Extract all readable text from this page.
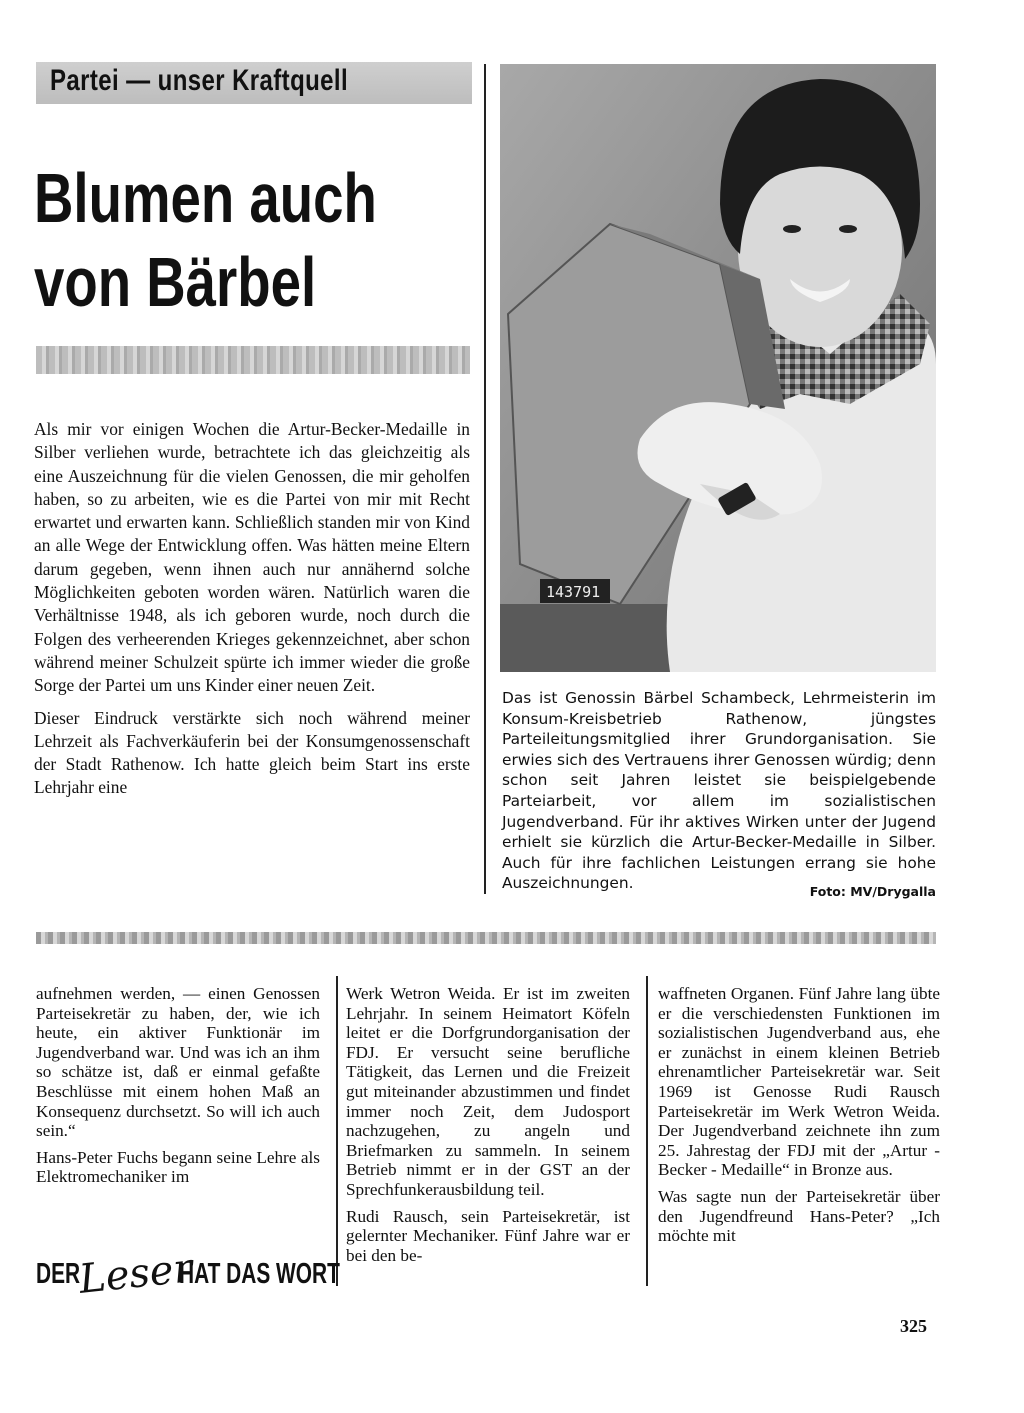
Partei — unser Kraftquell
Blumen auch
von Bärbel

Als mir vor einigen Wochen die Artur-Becker-Medaille in Silber verliehen wurde, betrachtete ich das gleichzeitig als eine Auszeichnung für die vielen Genossen, die mir geholfen haben, so zu arbeiten, wie es die Partei von mir mit Recht erwartet und erwarten kann. Schließlich standen mir von Kind an alle Wege der Entwicklung offen. Was hätten meine Eltern darum gegeben, wenn ihnen auch nur annähernd solche Möglichkeiten geboten worden wären. Natürlich waren die Verhältnisse 1948, als ich geboren wurde, noch durch die Folgen des verheerenden Krieges gekennzeichnet, aber schon während meiner Schulzeit spürte ich immer wieder die große Sorge der Partei um uns Kinder einer neuen Zeit.

Dieser Eindruck verstärkte sich noch während meiner Lehrzeit als Fachverkäuferin bei der Konsumgenossenschaft der Stadt Rathenow. Ich hatte gleich beim Start ins erste Lehrjahr eine

143791
Das ist Genossin Bärbel Schambeck, Lehrmeisterin im Konsum-Kreisbetrieb Rathenow, jüngstes Parteileitungsmitglied ihrer Grundorganisation. Sie erwies sich des Vertrauens ihrer Genossen würdig; denn schon seit Jahren leistet sie beispielgebende Parteiarbeit, vor allem im sozialistischen Jugendverband. Für ihr aktives Wirken unter der Jugend erhielt sie kürzlich die Artur-Becker-Medaille in Silber. Auch für ihre fachlichen Leistungen errang sie hohe Auszeichnungen.	Foto: MV/Drygalla

aufnehmen werden, — einen Genossen Parteisekretär zu haben, der, wie ich heute, ein aktiver Funktionär im Jugendverband war. Und was ich an ihm so schätze ist, daß er einmal gefaßte Beschlüsse mit einem hohen Maß an Konsequenz durchsetzt. So will ich auch sein.“

Hans-Peter Fuchs begann seine Lehre als Elektromechaniker im

Werk Wetron Weida. Er ist im zweiten Lehrjahr. In seinem Heimatort Köfeln leitet er die Dorfgrundorganisation der FDJ. Er versucht seine berufliche Tätigkeit, das Lernen und die Freizeit gut miteinander abzustimmen und findet immer noch Zeit, dem Judosport nachzugehen, zu angeln und Briefmarken zu sammeln. In seinem Betrieb nimmt er in der GST an der Sprechfunkerausbildung teil.

Rudi Rausch, sein Parteisekretär, ist gelernter Mechaniker. Fünf Jahre war er bei den be-

waffneten Organen. Fünf Jahre lang übte er die verschiedensten Funktionen im sozialistischen Jugendverband aus, ehe er zunächst in einem kleinen Betrieb ehrenamtlicher Parteisekretär war. Seit 1969 ist Genosse Rudi Rausch Parteisekretär im Werk Wetron Weida. Der Jugendverband zeichnete ihn zum 25. Jahrestag der FDJ mit der „Artur - Becker - Medaille“ in Bronze aus.

Was sagte nun der Parteisekretär über den Jugendfreund Hans-Peter? „Ich möchte mit

DER
Leser
HAT DAS WORT
325
